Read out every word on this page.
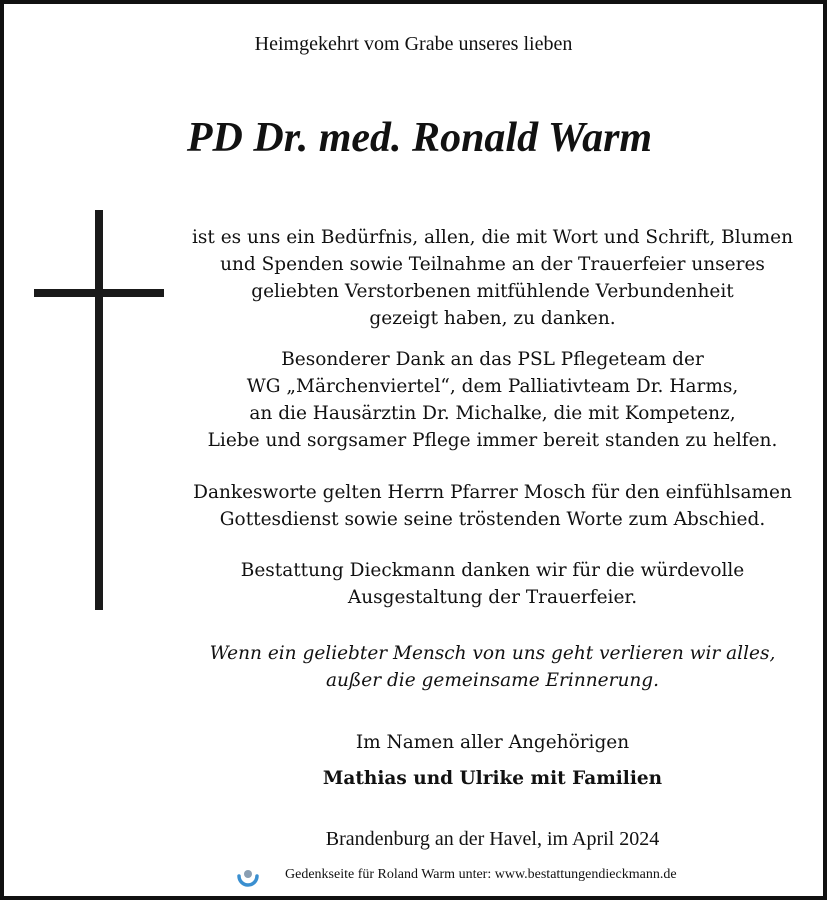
Heimgekehrt vom Grabe unseres lieben
PD Dr. med. Ronald Warm
ist es uns ein Bedürfnis, allen, die mit Wort und Schrift, Blumen
und Spenden sowie Teilnahme an der Trauerfeier unseres
geliebten Verstorbenen mitfühlende Verbundenheit
gezeigt haben, zu danken.
Besonderer Dank an das PSL Pflegeteam der
WG „Märchenviertel“, dem Palliativteam Dr. Harms,
an die Hausärztin Dr. Michalke, die mit Kompetenz,
Liebe und sorgsamer Pflege immer bereit standen zu helfen.
Dankesworte gelten Herrn Pfarrer Mosch für den einfühlsamen
Gottesdienst sowie seine tröstenden Worte zum Abschied.
Bestattung Dieckmann danken wir für die würdevolle
Ausgestaltung der Trauerfeier.
Wenn ein geliebter Mensch von uns geht verlieren wir alles,
außer die gemeinsame Erinnerung.
Im Namen aller Angehörigen
Mathias und Ulrike mit Familien
Brandenburg an der Havel, im April 2024
Gedenkseite für Roland Warm unter: www.bestattungendieckmann.de
